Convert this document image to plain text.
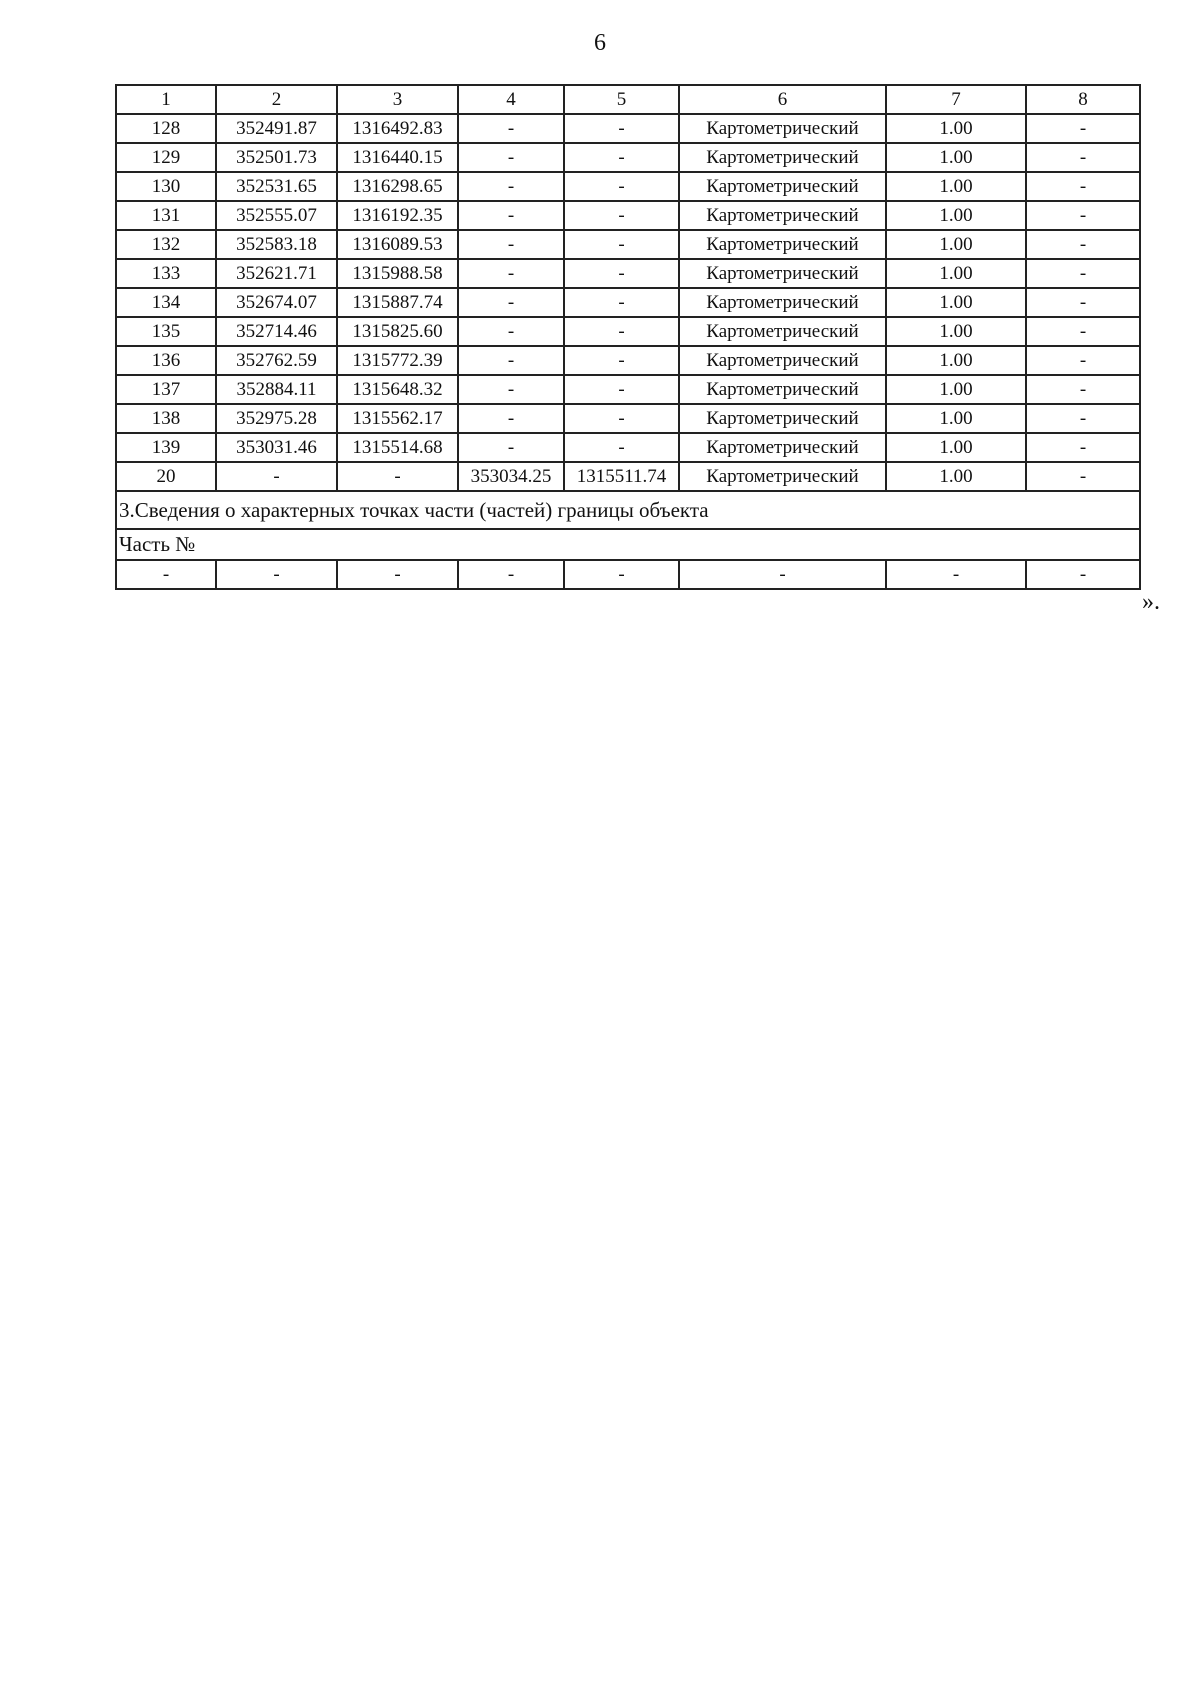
6
1	2	3	4	5	6	7	8
128	352491.87	1316492.83	-	-	Картометрический	1.00	-
129	352501.73	1316440.15	-	-	Картометрический	1.00	-
130	352531.65	1316298.65	-	-	Картометрический	1.00	-
131	352555.07	1316192.35	-	-	Картометрический	1.00	-
132	352583.18	1316089.53	-	-	Картометрический	1.00	-
133	352621.71	1315988.58	-	-	Картометрический	1.00	-
134	352674.07	1315887.74	-	-	Картометрический	1.00	-
135	352714.46	1315825.60	-	-	Картометрический	1.00	-
136	352762.59	1315772.39	-	-	Картометрический	1.00	-
137	352884.11	1315648.32	-	-	Картометрический	1.00	-
138	352975.28	1315562.17	-	-	Картометрический	1.00	-
139	353031.46	1315514.68	-	-	Картометрический	1.00	-
20	-	-	353034.25	1315511.74	Картометрический	1.00	-
3.Сведения о характерных точках части (частей) границы объекта							
Часть №							
-	-	-	-	-	-	-	-
».
